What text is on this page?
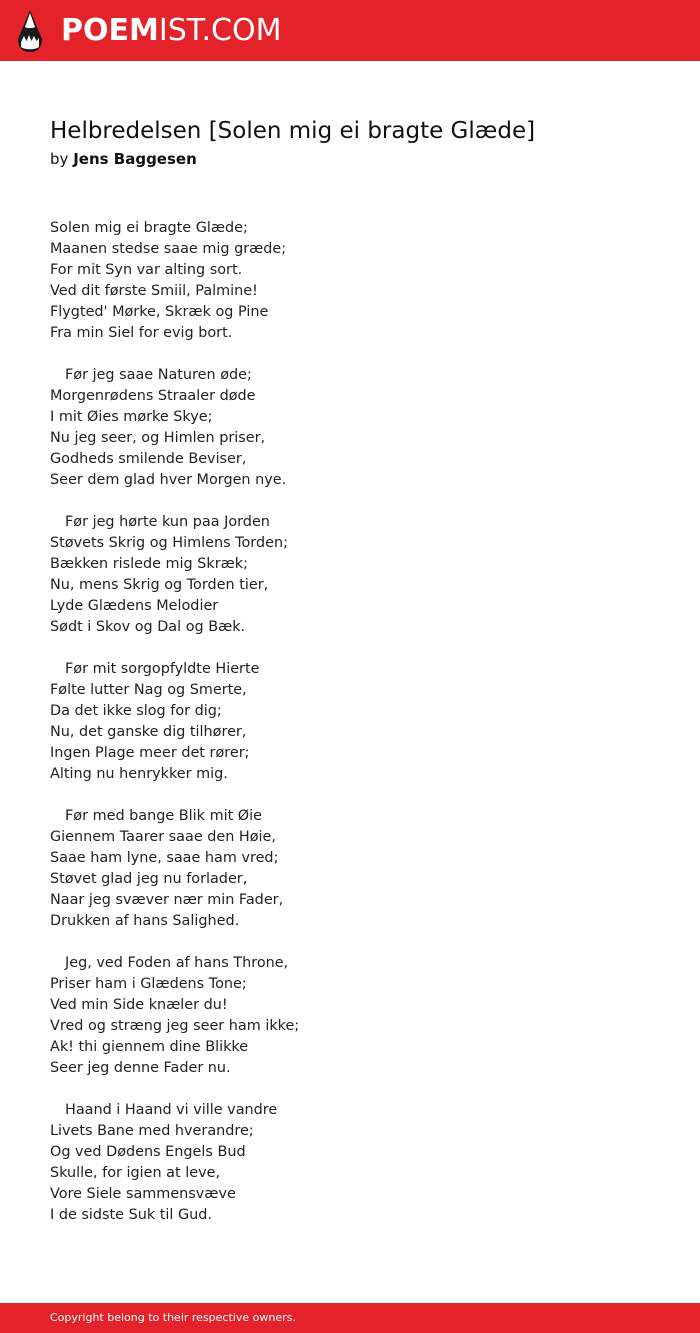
POEMIST.COM
Helbredelsen [Solen mig ei bragte Glæde]
by Jens Baggesen
Solen mig ei bragte Glæde;
Maanen stedse saae mig græde;
For mit Syn var alting sort.
Ved dit første Smiil, Palmine!
Flygted' Mørke, Skræk og Pine
Fra min Siel for evig bort.
Før jeg saae Naturen øde;
Morgenrødens Straaler døde
I mit Øies mørke Skye;
Nu jeg seer, og Himlen priser,
Godheds smilende Beviser,
Seer dem glad hver Morgen nye.
Før jeg hørte kun paa Jorden
Støvets Skrig og Himlens Torden;
Bækken rislede mig Skræk;
Nu, mens Skrig og Torden tier,
Lyde Glædens Melodier
Sødt i Skov og Dal og Bæk.
Før mit sorgopfyldte Hierte
Følte lutter Nag og Smerte,
Da det ikke slog for dig;
Nu, det ganske dig tilhører,
Ingen Plage meer det rører;
Alting nu henrykker mig.
Før med bange Blik mit Øie
Giennem Taarer saae den Høie,
Saae ham lyne, saae ham vred;
Støvet glad jeg nu forlader,
Naar jeg svæver nær min Fader,
Drukken af hans Salighed.
Jeg, ved Foden af hans Throne,
Priser ham i Glædens Tone;
Ved min Side knæler du!
Vred og stræng jeg seer ham ikke;
Ak! thi giennem dine Blikke
Seer jeg denne Fader nu.
Haand i Haand vi ville vandre
Livets Bane med hverandre;
Og ved Dødens Engels Bud
Skulle, for igien at leve,
Vore Siele sammensvæve
I de sidste Suk til Gud.
Copyright belong to their respective owners.
